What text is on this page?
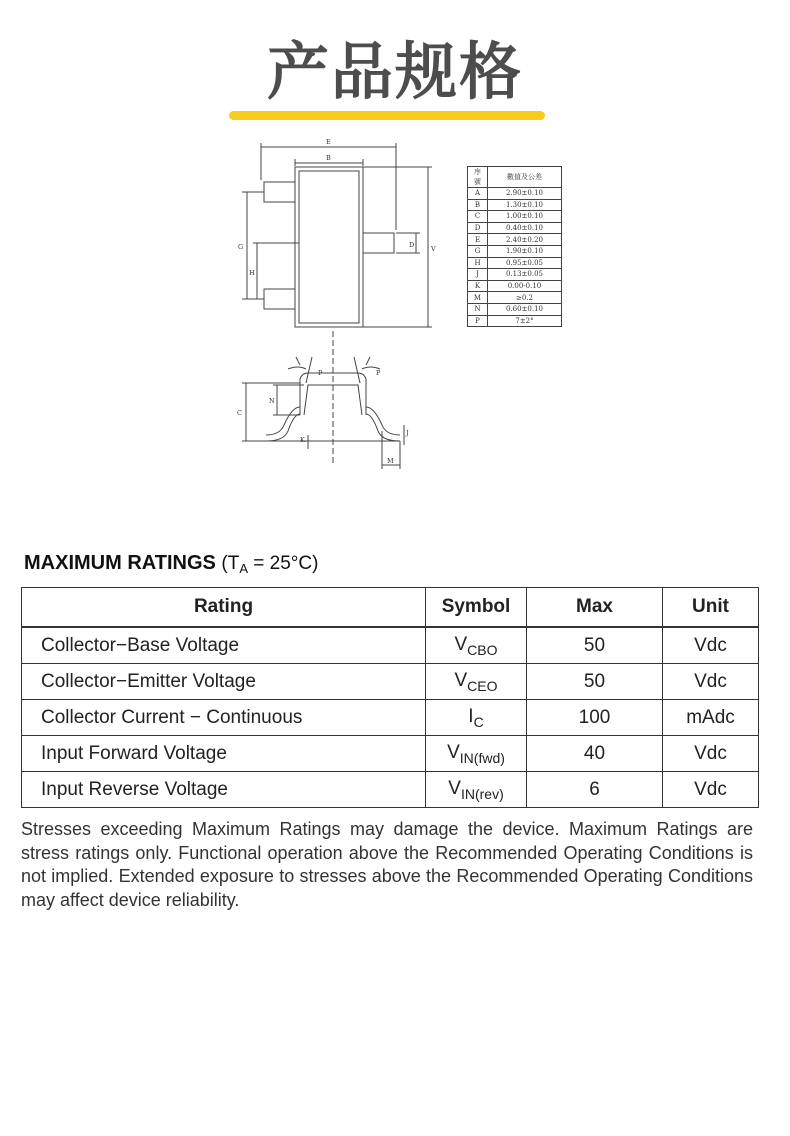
产品规格
E
B
G
H
D	V
P	P
N
C
K
J
M
序號	數值及公差
A	2.90±0.10
B	1.30±0.10
C	1.00±0.10
D	0.40±0.10
E	2.40±0.20
G	1.90±0.10
H	0.95±0.05
J	0.13±0.05
K	0.00-0.10
M	≥0.2
N	0.60±0.10
P	7±2°
MAXIMUM RATINGS $(T_A = 25^\circ C)$
Rating	Symbol	Max	Unit
Collector−Base Voltage	$V_{CBO}$	50	Vdc
Collector−Emitter Voltage	$V_{CEO}$	50	Vdc
Collector Current − Continuous	$I_C$	100	mAdc
Input Forward Voltage	$V_{IN(fwd)}$	40	Vdc
Input Reverse Voltage	$V_{IN(rev)}$	6	Vdc
Stresses exceeding Maximum Ratings may damage the device. Maximum Ratings are stress ratings only. Functional operation above the Recommended Operating Conditions is not implied. Extended exposure to stresses above the Recommended Operating Conditions may affect device reliability.
